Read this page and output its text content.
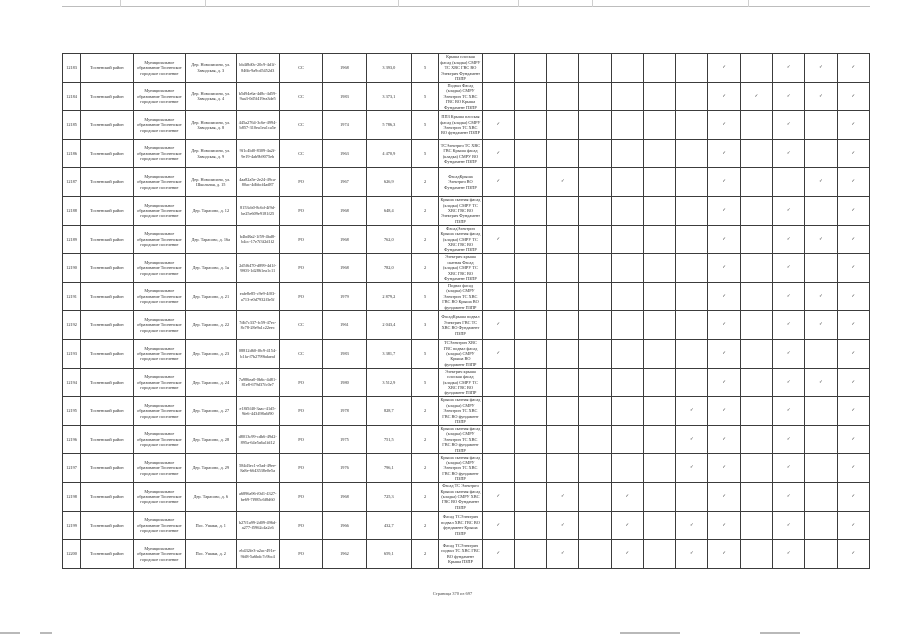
12183	Тосненский район	Муниципальное образование Тосненское городское поселение	Дер. Новолисино, ул. Заводская, д. 3	bb4f8d0c-20c9-4d1f-846b-9a9cd5452d3	СС	1968	3 393,0	5	Крыша плоская фасад (кладка) СМРУ ТС ХВС ГВС ВО Электрич Фундамент ПЗПР								✓		✓	✓	✓
12184	Тосненский район	Муниципальное образование Тосненское городское поселение	Дер. Новолисино, ул. Заводская, д. 4	b5d94e6a-4d8c-4d59-9aa3-0d5f419ea3de5	СС	1983	3 373,1	5	Подвал Фасад (кладка) СМРУ Электрич ТС ХВС ГВС ВО Крыша Фундамент ПЗПР								✓	✓	✓	✓	✓
12185	Тосненский район	Муниципальное образование Тосненское городское поселение	Дер. Новолисино, ул. Заводская, д. 8	445a2764-3c6e-4994-b857-310ea1ea1ca5e	СС	1974	5 786,3	5	ППЗ Крыша плоская фасад (кладка) СМРУ Электрич ТС ХВС ВО фундамент ПЗПР	✓							✓		✓		✓
12186	Тосненский район	Муниципальное образование Тосненское городское поселение	Дер. Новолисино, ул. Заводская, д. 9	9f1c4bf0-8309-4a2f-9e19-4ab9b9075eb	СС	1963	4 470,9	5	ТСЭлектрич ТС ХВС ГВС Крыша фасад (кладка) СМРУ ВО Фундамент ПЗПР	✓							✓		✓		✓
12187	Тосненский район	Муниципальное образование Тосненское городское поселение	Дер. Новолисино, ул. Школьная, д. 15	4aa82a5e-2e24-49ca-80ac-4dbbcf4ad87	РО	1967	626,9	2	ФасадКрыша Электрич ВО Фундамент ПЗПР	✓		✓					✓			✓	✓
12188	Тосненский район	Муниципальное образование Тосненское городское поселение	Дер. Тарасово, д. 12	8153cb0-8c6d-4f9d-be25e609e9181f25	РО	1968	648,4	2	Крыша скатная фасад (кладка) СМРУ ТС ХВС ГВС ВО Электрич Фундамент ПЗПР								✓		✓		✓
12189	Тосненский район	Муниципальное образование Тосненское городское поселение	Дер. Тарасово, д. 16а	b4bd8a2-1f59-4bd8-b4cc-17e7f3f2d1f2	РО	1968	762,0	2	ФасадЭлектрич Крыша скатная фасад (кладка) СМРУ ТС ХВС ГВС ВО Фундамент ПЗПР	✓							✓		✓	✓	✓
12190	Тосненский район	Муниципальное образование Тосненское городское поселение	Дер. Тарасово, д. 1я	2d5f6470-d899-4d1f-9803-1d2861ea1c11	РО	1968	782,0	2	Электрич крыша скатная Фасад (кладка) СМРУ ТС ХВС ГВС ВО Фундамент ПЗПР								✓		✓		✓
12191	Тосненский район	Муниципальное образование Тосненское городское поселение	Дер. Тарасово, д. 21	eafe8e85-c9e9-4f03-a713-e0d7932f3e5f	РО	1979	2 879,2	5	Подвал фасад (кладка) СМРУ Электрич ТС ХВС ГВС ВО Крыша ВО фундамент ПЗПР								✓		✓	✓	✓
12192	Тосненский район	Муниципальное образование Тосненское городское поселение	Дер. Тарасово, д. 22	7db7c337-fc59-47ec-8c78-28e9a1c22eec	СС	1961	2 043,4	3	ФасадКрыша подвал Электрич ГВС ТС ХВС ВО Фундамент ПЗПР	✓							✓		✓	✓	✓
12193	Тосненский район	Муниципальное образование Тосненское городское поселение	Дер. Тарасово, д. 23	08812d60-f0c9-4154-b1fa-f7b2799bdaeaf	СС	1983	3 381,7	5	ТСЭлектрич ХВС ГВС подвал фасад (кладка) СМРУ Крыша ВО фундамент ПЗПР	✓							✓		✓		✓
12194	Тосненский район	Муниципальное образование Тосненское городское поселение	Дер. Тарасово, д. 24	7a986ea0-0b6c-4d81-81e8-679d37fc0e7	РО	1980	3 512,9	5	Электрич крыша плоская фасад (кладка) СМРУ ТС ХВС ГВС ВО фундамент ПЗПР								✓		✓	✓	✓
12195	Тосненский район	Муниципальное образование Тосненское городское поселение	Дер. Тарасово, д. 27	e18f5f40-3aac-41d5-9fe6-443498a6f90	РО	1978	828,7	2	Крыша скатная фасад (кладка) СМРУ Электрич ТС ХВС ГВС ВО фундамент ПЗПР							✓	✓		✓		✓
12196	Тосненский район	Муниципальное образование Тосненское городское поселение	Дер. Тарасово, д. 28	d8013c99-cdb6-49d2-895a-64e5a6a1fd12	РО	1975	751,5	2	Крыша скатная фасад (кладка) СМРУ Электрич ТС ХВС ГВС ВО фундамент ПЗПР							✓	✓		✓		✓
12197	Тосненский район	Муниципальное образование Тосненское городское поселение	Дер. Тарасово, д. 29	584d3ec1-e5ad-49ee-8a8e-6643538e0e5a	РО	1976	796,1	2	Крыша скатная фасад (кладка) СМРУ Электрич ТС ХВС ГВС ВО фундамент ПЗПР							✓	✓		✓		✓
12198	Тосненский район	Муниципальное образование Тосненское городское поселение	Дер. Тарасово, д. 6	a6896a96-f0d1-4327-be69-7f985c6f8d60	РО	1968	725,3	2	Фасад ТС Электрич Крыша скатная фасад (кладка) СМРУ ХВС ГВС ВО Фундамент ПЗПР	✓		✓		✓			✓		✓		✓
12199	Тосненский район	Муниципальное образование Тосненское городское поселение	Пос. Ушаки, д. 1	b27f1a99-2d09-496d-a277-f5962c4a2c6	РО	1966	432,7	2	Фасад ТСЭлектрич подвал ХВС ГВС ВО фундамент Крыша ПЗПР	✓		✓		✓		✓	✓		✓		✓
12200	Тосненский район	Муниципальное образование Тосненское городское поселение	Пос. Ушаки, д. 2	eb432fe3-a2ac-491e-9fd8-5a6bdc7c9bc4	РО	1962	659,1	2	Фасад ТСЭлектрич подвал ТС ХВС ГВС ВО фундамент Крыша ПЗПР	✓		✓		✓		✓	✓		✓		✓
Страница 370 из 697
